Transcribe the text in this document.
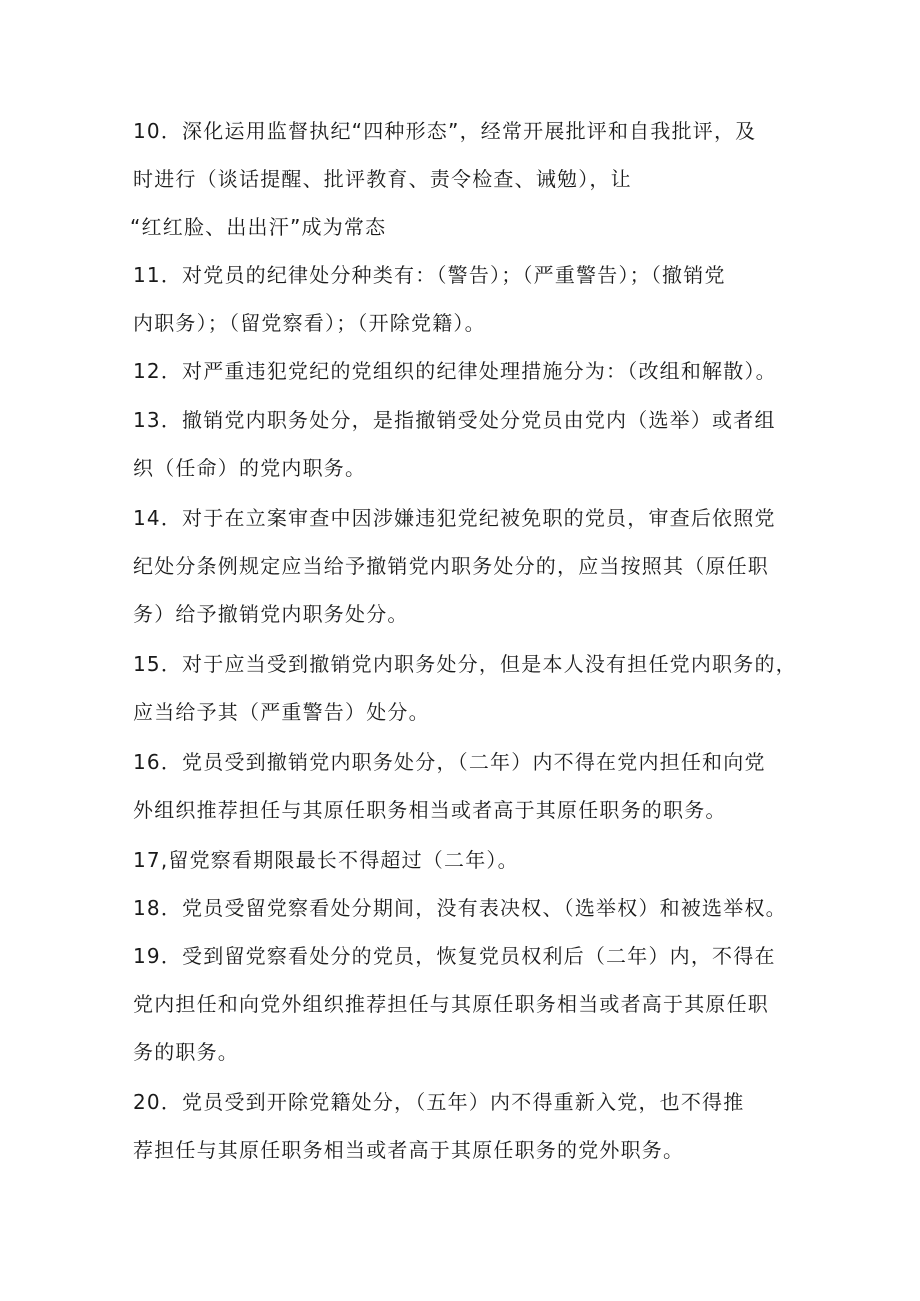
10．深化运用监督执纪“四种形态”，经常开展批评和自我批评，及
时进行（谈话提醒、批评教育、责令检查、诫勉），让
“红红脸、出出汗”成为常态
11．对党员的纪律处分种类有：（警告）；（严重警告）；（撤销党
内职务）；（留党察看）；（开除党籍）。
12．对严重违犯党纪的党组织的纪律处理措施分为：（改组和解散）。
13．撤销党内职务处分，是指撤销受处分党员由党内（选举）或者组
织（任命）的党内职务。
14．对于在立案审查中因涉嫌违犯党纪被免职的党员，审查后依照党
纪处分条例规定应当给予撤销党内职务处分的，应当按照其（原任职
务）给予撤销党内职务处分。
15．对于应当受到撤销党内职务处分，但是本人没有担任党内职务的，
应当给予其（严重警告）处分。
16．党员受到撤销党内职务处分，（二年）内不得在党内担任和向党
外组织推荐担任与其原任职务相当或者高于其原任职务的职务。
17,留党察看期限最长不得超过（二年）。
18．党员受留党察看处分期间，没有表决权、（选举权）和被选举权。
19．受到留党察看处分的党员，恢复党员权利后（二年）内，不得在
党内担任和向党外组织推荐担任与其原任职务相当或者高于其原任职
务的职务。
20．党员受到开除党籍处分，（五年）内不得重新入党，也不得推
荐担任与其原任职务相当或者高于其原任职务的党外职务。
